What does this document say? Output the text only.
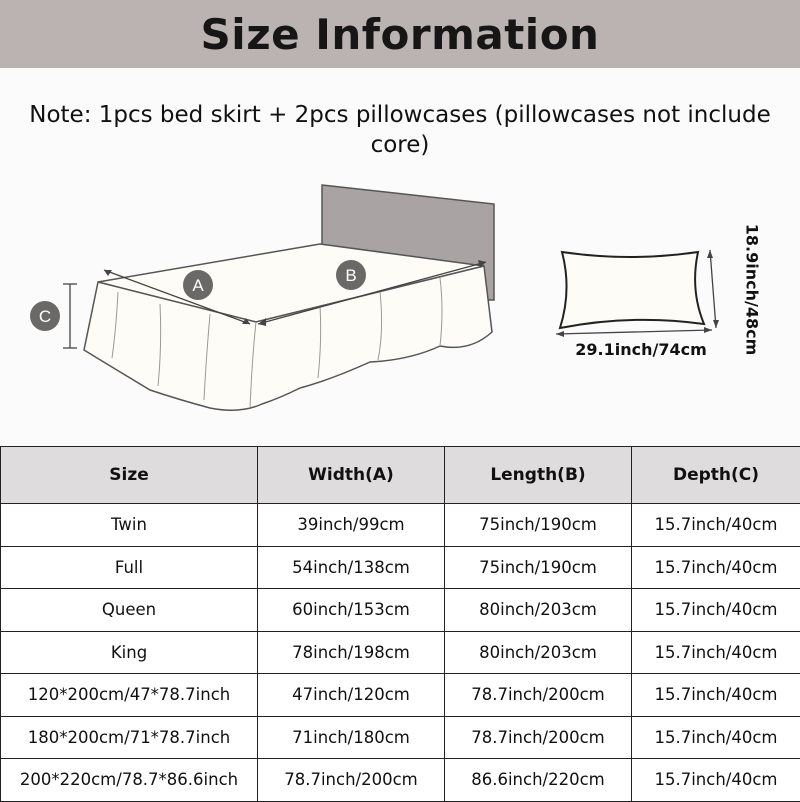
Size Information
Note: 1pcs bed skirt + 2pcs pillowcases (pillowcases not include core)
A
B
C
29.1inch/74cm	18.9inch/48cm
Size	Width(A)	Length(B)	Depth(C)
Twin	39inch/99cm	75inch/190cm	15.7inch/40cm
Full	54inch/138cm	75inch/190cm	15.7inch/40cm
Queen	60inch/153cm	80inch/203cm	15.7inch/40cm
King	78inch/198cm	80inch/203cm	15.7inch/40cm
120*200cm/47*78.7inch	47inch/120cm	78.7inch/200cm	15.7inch/40cm
180*200cm/71*78.7inch	71inch/180cm	78.7inch/200cm	15.7inch/40cm
200*220cm/78.7*86.6inch	78.7inch/200cm	86.6inch/220cm	15.7inch/40cm
